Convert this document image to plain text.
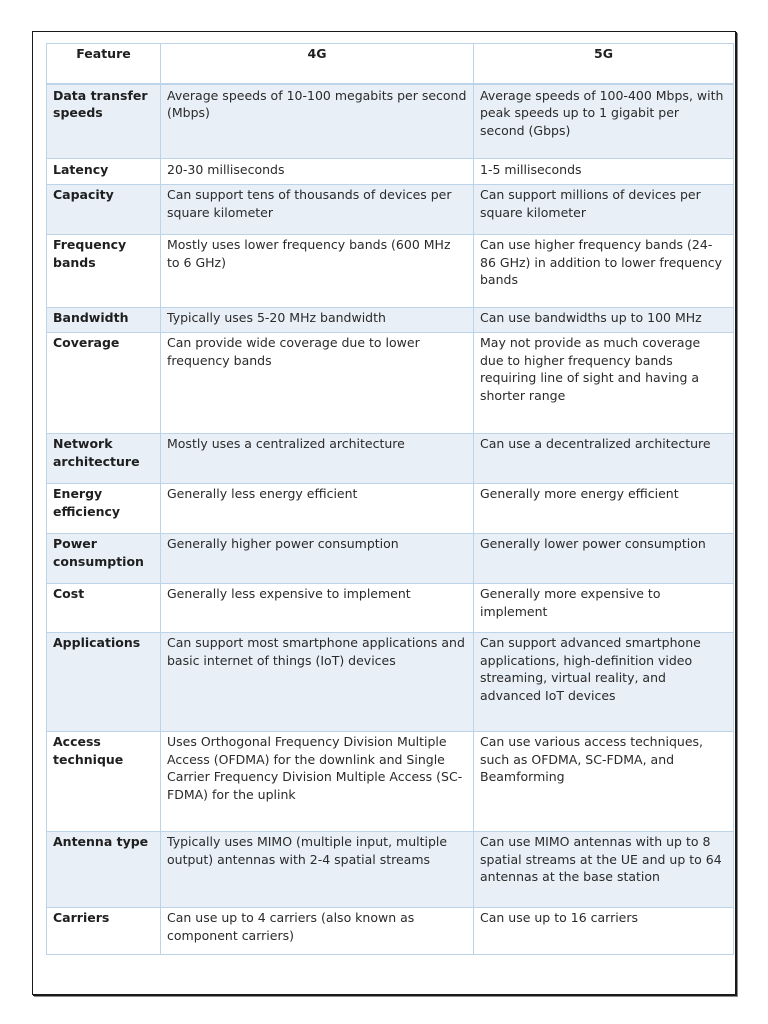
Feature	4G	5G
Data transfer speeds	Average speeds of 10-100 megabits per second (Mbps)	Average speeds of 100-400 Mbps, with peak speeds up to 1 gigabit per second (Gbps)
Latency	20-30 milliseconds	1-5 milliseconds
Capacity	Can support tens of thousands of devices per square kilometer	Can support millions of devices per square kilometer
Frequency bands	Mostly uses lower frequency bands (600 MHz to 6 GHz)	Can use higher frequency bands (24-86 GHz) in addition to lower frequency bands
Bandwidth	Typically uses 5-20 MHz bandwidth	Can use bandwidths up to 100 MHz
Coverage	Can provide wide coverage due to lower frequency bands	May not provide as much coverage due to higher frequency bands requiring line of sight and having a shorter range
Network architecture	Mostly uses a centralized architecture	Can use a decentralized architecture
Energy efficiency	Generally less energy efficient	Generally more energy efficient
Power consumption	Generally higher power consumption	Generally lower power consumption
Cost	Generally less expensive to implement	Generally more expensive to implement
Applications	Can support most smartphone applications and basic internet of things (IoT) devices	Can support advanced smartphone applications, high-definition video streaming, virtual reality, and advanced IoT devices
Access technique	Uses Orthogonal Frequency Division Multiple Access (OFDMA) for the downlink and Single Carrier Frequency Division Multiple Access (SC-FDMA) for the uplink	Can use various access techniques, such as OFDMA, SC-FDMA, and Beamforming
Antenna type	Typically uses MIMO (multiple input, multiple output) antennas with 2-4 spatial streams	Can use MIMO antennas with up to 8 spatial streams at the UE and up to 64 antennas at the base station
Carriers	Can use up to 4 carriers (also known as component carriers)	Can use up to 16 carriers
